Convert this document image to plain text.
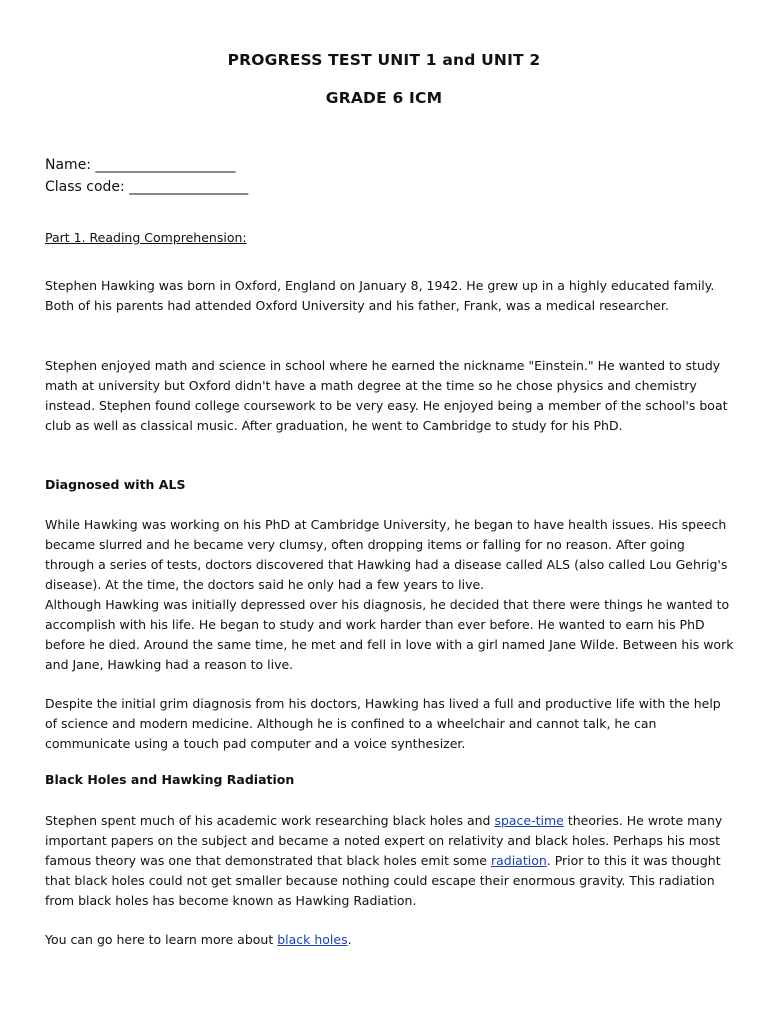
PROGRESS TEST UNIT 1 and UNIT 2
GRADE 6 ICM
Name: ____________________
Class code: _________________
Part 1. Reading Comprehension:
Stephen Hawking was born in Oxford, England on January 8, 1942. He grew up in a highly educated family. Both of his parents had attended Oxford University and his father, Frank, was a medical researcher.
Stephen enjoyed math and science in school where he earned the nickname "Einstein." He wanted to study math at university but Oxford didn't have a math degree at the time so he chose physics and chemistry instead. Stephen found college coursework to be very easy. He enjoyed being a member of the school's boat club as well as classical music. After graduation, he went to Cambridge to study for his PhD.
Diagnosed with ALS
While Hawking was working on his PhD at Cambridge University, he began to have health issues. His speech became slurred and he became very clumsy, often dropping items or falling for no reason. After going through a series of tests, doctors discovered that Hawking had a disease called ALS (also called Lou Gehrig's disease). At the time, the doctors said he only had a few years to live.
Although Hawking was initially depressed over his diagnosis, he decided that there were things he wanted to accomplish with his life. He began to study and work harder than ever before. He wanted to earn his PhD before he died. Around the same time, he met and fell in love with a girl named Jane Wilde. Between his work and Jane, Hawking had a reason to live.
Despite the initial grim diagnosis from his doctors, Hawking has lived a full and productive life with the help of science and modern medicine. Although he is confined to a wheelchair and cannot talk, he can communicate using a touch pad computer and a voice synthesizer.
Black Holes and Hawking Radiation
Stephen spent much of his academic work researching black holes and space-time theories. He wrote many important papers on the subject and became a noted expert on relativity and black holes. Perhaps his most famous theory was one that demonstrated that black holes emit some radiation. Prior to this it was thought that black holes could not get smaller because nothing could escape their enormous gravity. This radiation from black holes has become known as Hawking Radiation.
You can go here to learn more about black holes.
